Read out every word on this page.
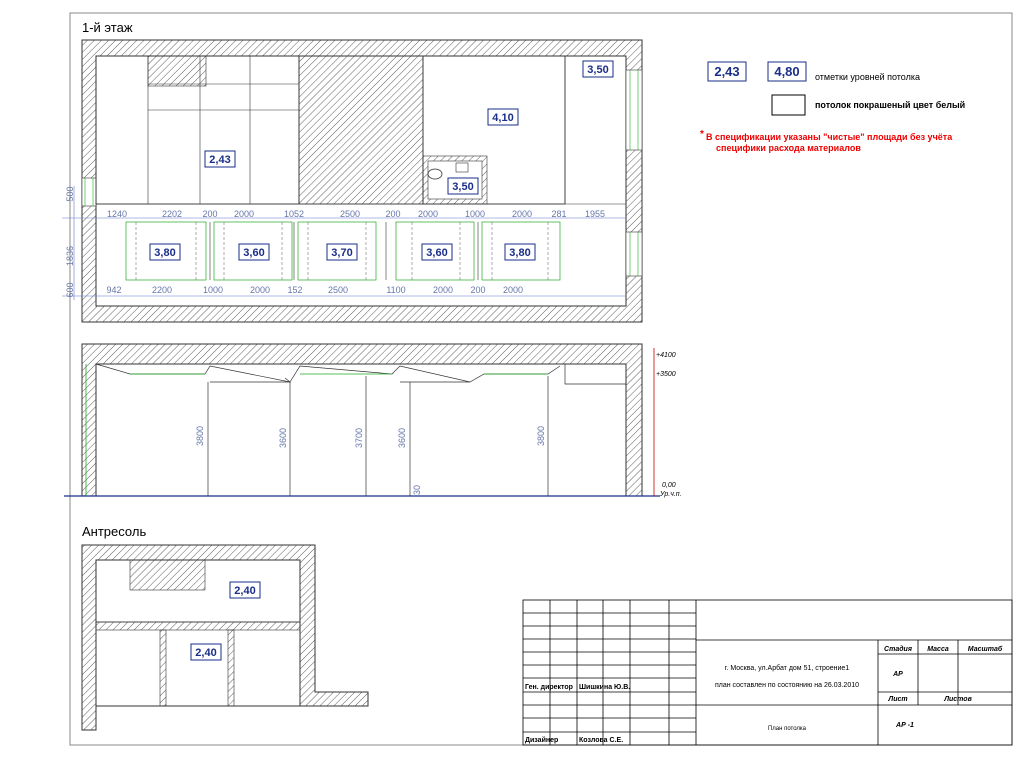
1-й этаж
2,43
4,10
3,50
3,50
3,80	3,60	3,70	3,60	3,80
1240	2202 200 2000	1052	2500	200 2000	1000	2000 281 1955
942	2200	1000	2000 152	2500	1100	2000 200 2000
500
1836
600
3800	3600	3700	3600	3800
30
+4100
+3500
0,00
Ур.ч.п.
Антресоль
2,40
2,40
2,43	4,80 отметки уровней потолка
потолок покрашеный цвет белый
* В спецификации указаны "чистые" площади без учёта
специфики расхода материалов
Ген. директор Шишкина Ю.В.
Дизайнер	Козлова С.Е.
г. Москва, ул.Арбат дом 51, строение1
план составлен по состоянию на 26.03.2010
План потолка
Стадия Масса	Масштаб
АР
Лист	Листов
АР -1
